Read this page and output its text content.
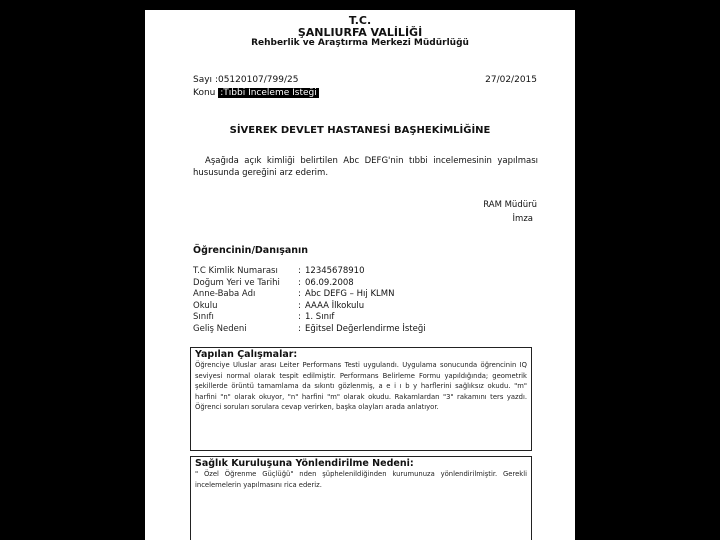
T.C.
ŞANLIURFA VALİLİĞİ
Rehberlik ve Araştırma Merkezi Müdürlüğü
Sayı :05120107/799/25	27/02/2015
Konu :Tıbbi İnceleme İsteği
SİVEREK DEVLET HASTANESİ BAŞHEKİMLİĞİNE
Aşağıda açık kimliği belirtilen Abc DEFG'nin tıbbi incelemesinin yapılması hususunda gereğini arz ederim.
RAM Müdürü
İmza
Öğrencinin/Danışanın
T.C Kimlik Numarası	: 12345678910
Doğum Yeri ve Tarihi	: 06.09.2008
Anne-Baba Adı	: Abc DEFG – Hıj KLMN
Okulu	: AAAA İlkokulu
Sınıfı	: 1. Sınıf
Geliş Nedeni	: Eğitsel Değerlendirme İsteği
Yapılan Çalışmalar:
Öğrenciye Uluslar arası Leiter Performans Testi uygulandı. Uygulama sonucunda öğrencinin IQ seviyesi normal olarak tespit edilmiştir. Performans Belirleme Formu yapıldığında; geometrik şekillerde örüntü tamamlama da sıkıntı gözlenmiş, a e i ı b y harflerini sağlıksız okudu. "m" harfini "n" olarak okuyor, "n" harfini "m" olarak okudu. Rakamlardan "3" rakamını ters yazdı. Öğrenci soruları sorulara cevap verirken, başka olayları arada anlatıyor.
Sağlık Kuruluşuna Yönlendirilme Nedeni:
" Özel Öğrenme Güçlüğü" nden şüphelenildiğinden kurumunuza yönlendirilmiştir. Gerekli incelemelerin yapılmasını rica ederiz.
